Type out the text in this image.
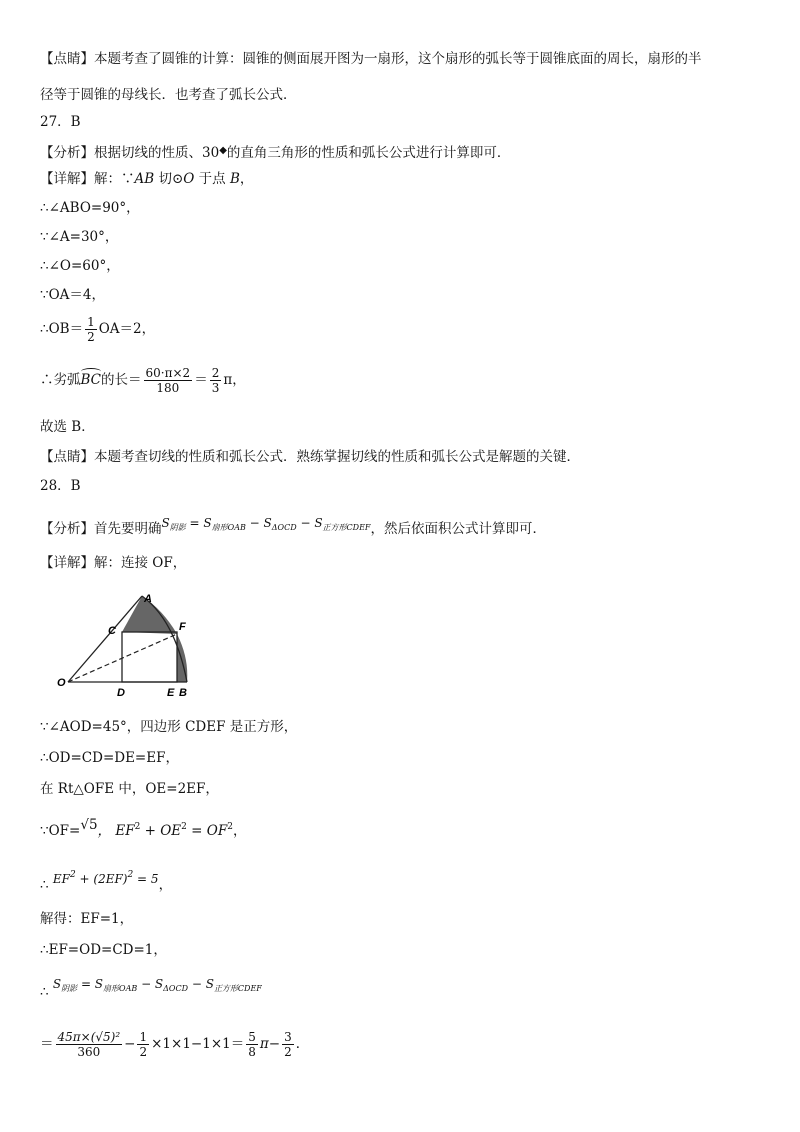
【点睛】本题考查了圆锥的计算：圆锥的侧面展开图为一扇形，这个扇形的弧长等于圆锥底面的周长，扇形的半
径等于圆锥的母线长．也考查了弧长公式．
27．B
【分析】根据切线的性质、30◆的直角三角形的性质和弧长公式进行计算即可．
【详解】解：∵AB 切⊙O 于点 B，
∴∠ABO=90°，
∵∠A=30°，
∴∠O=60°，
∵OA＝4，
∴OB＝ $\frac{1}{2} OA=2$，
∴劣弧BC的长＝ $\frac{60\cdot\pi\times 2}{180} = \frac{2}{3}$ π，
故选 B．
【点睛】本题考查切线的性质和弧长公式．熟练掌握切线的性质和弧长公式是解题的关键．
28．B
【分析】首先要明确$S_{阴影} = S_{扇形OAB} - S_{\Delta OCD} - S_{正方形CDEF}$，然后依面积公式计算即可．
【详解】解：连接 OF，
A
C	F
O
D	E B
∵∠AOD=45°，四边形 CDEF 是正方形，
∴OD=CD=DE=EF，
在 Rt△OFE 中，OE=2EF，
∵OF=√5， $EF^2 + OE^2 = OF^2$，
∴ $EF^2 + (2EF)^2 = 5$，
解得：EF=1，
∴EF=OD=CD=1，
∴ $S_{阴影} = S_{扇形OAB} - S_{\Delta OCD} - S_{正方形CDEF}$
＝ $\frac{\text{45π×(√5)²}}{360} - \frac{1}{2} \times 1\times 1-1\times 1= \frac{5}{8} \pi- \frac{3}{2}$ ．
